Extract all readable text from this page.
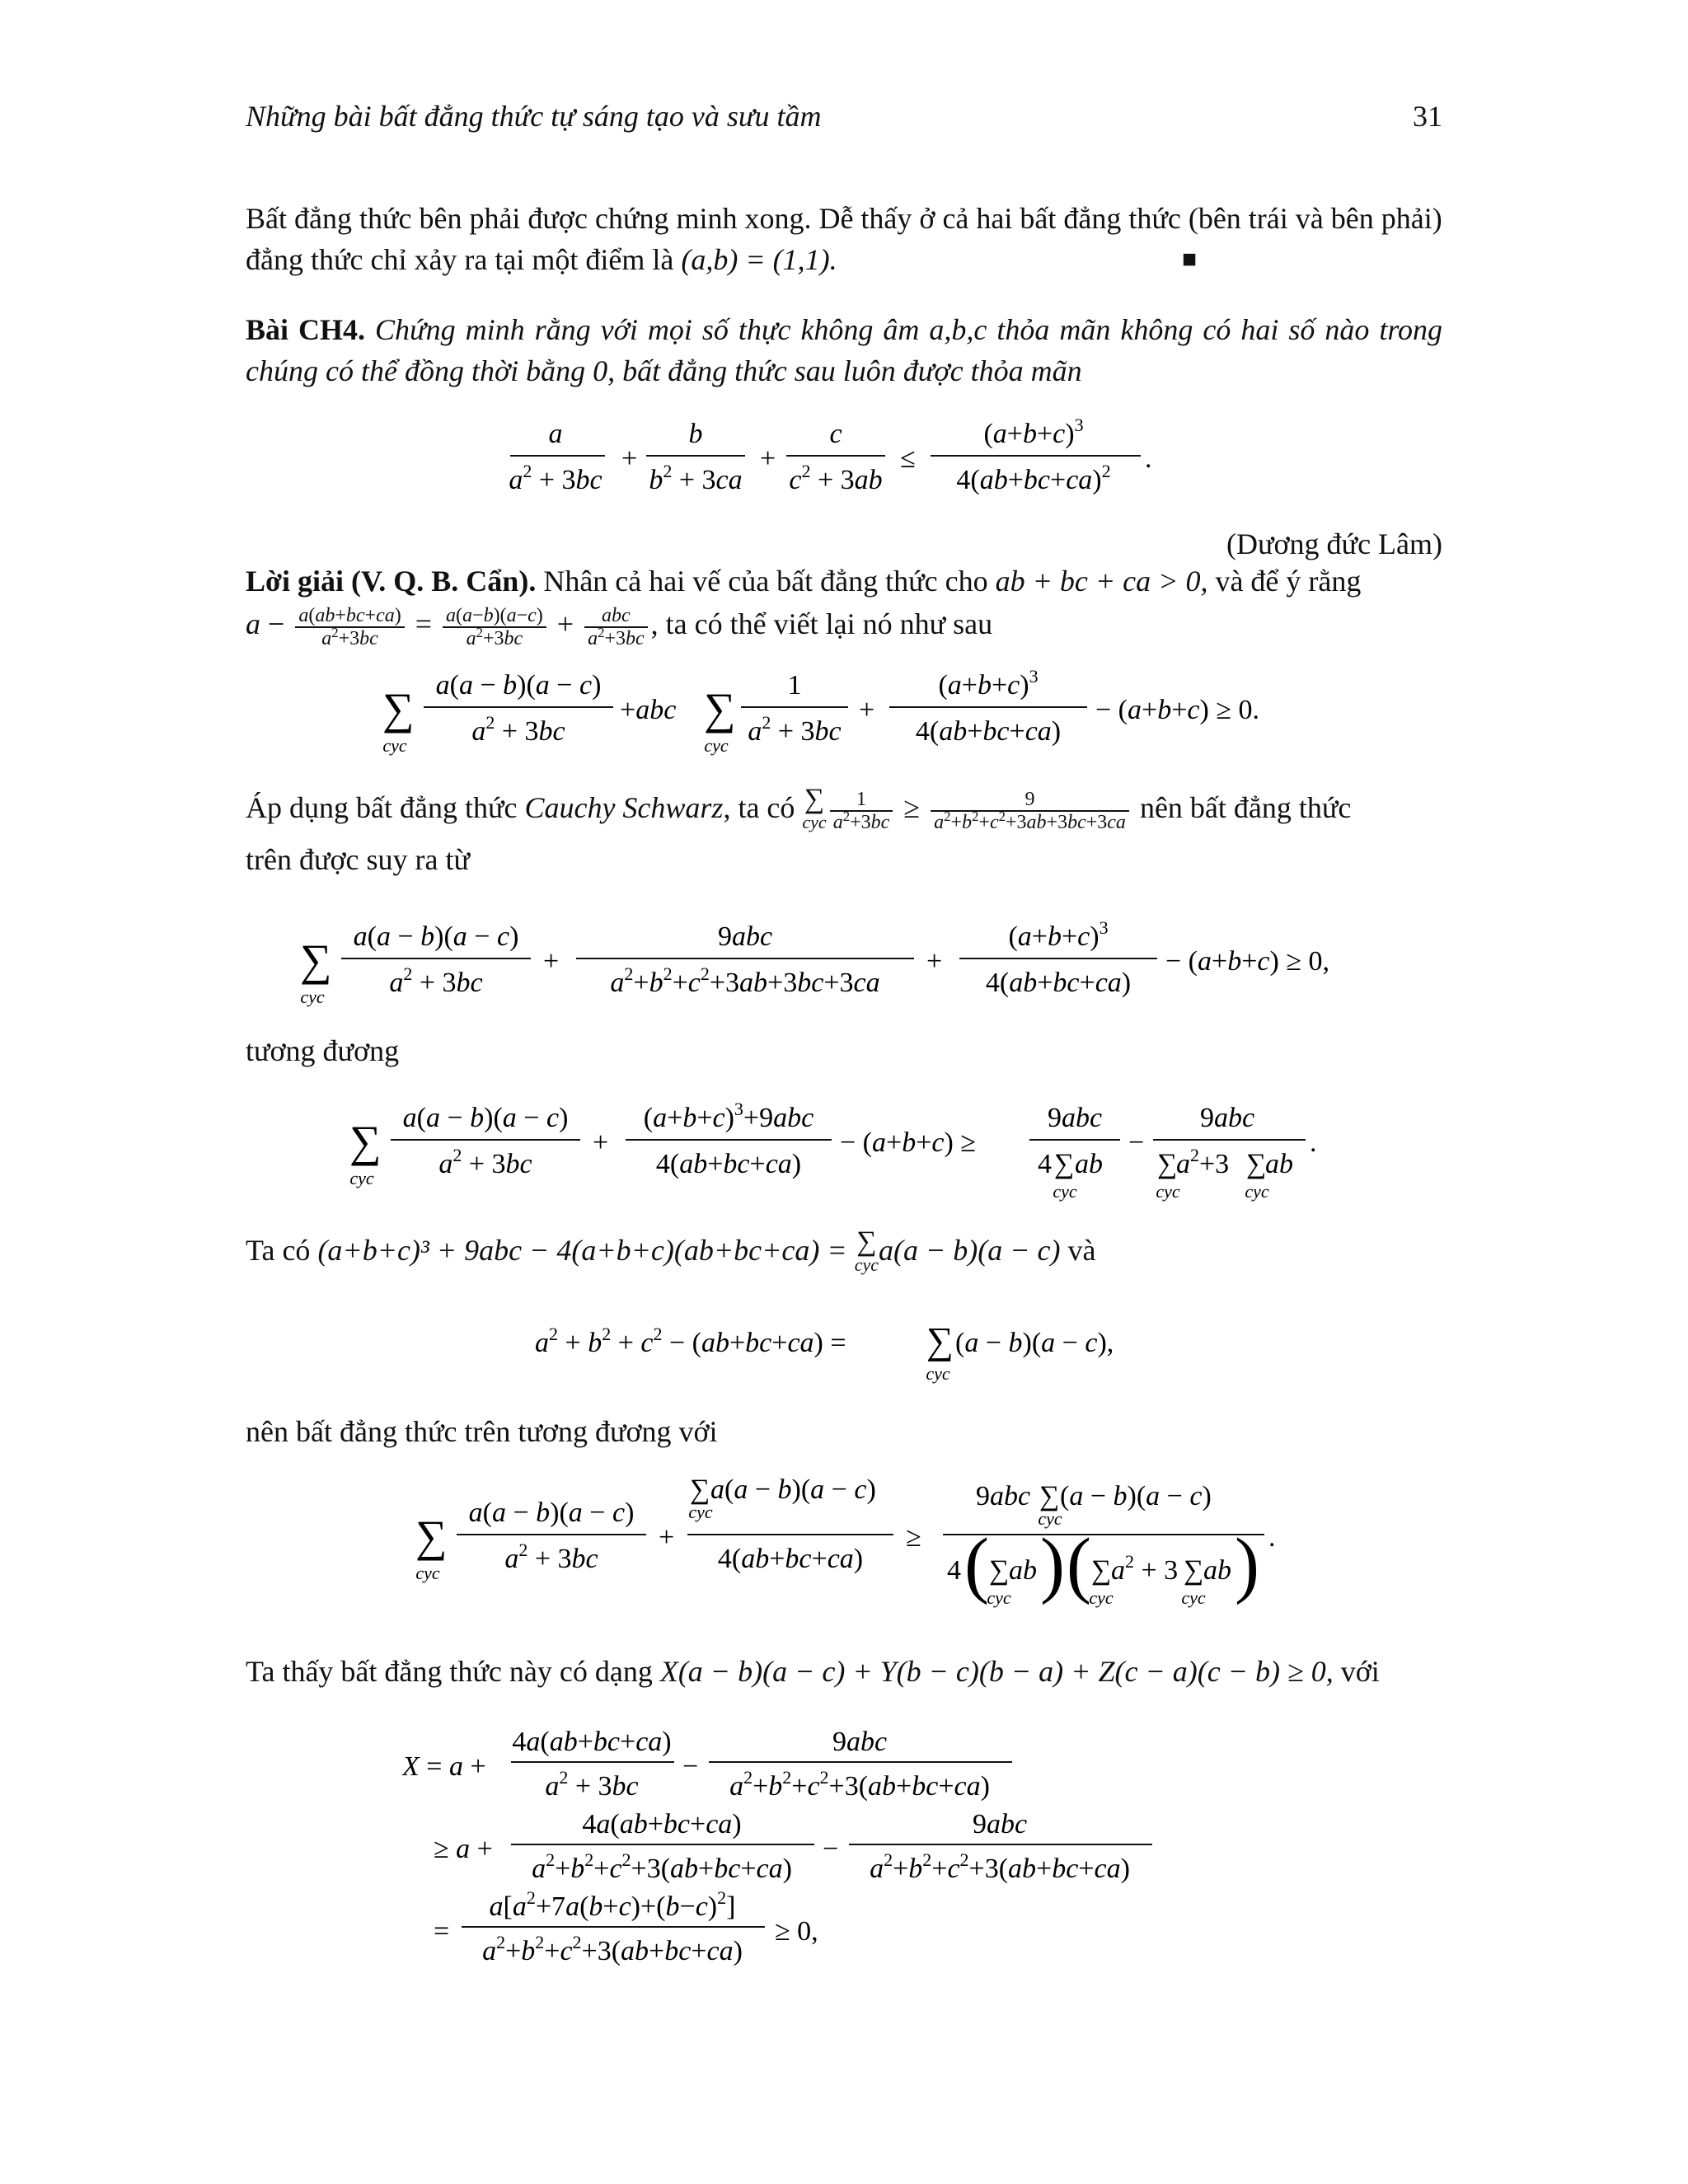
Những bài bất đẳng thức tự sáng tạo và sưu tầm	31
Bất đẳng thức bên phải được chứng minh xong. Dễ thấy ở cả hai bất đẳng thức (bên trái và bên phải)
đẳng thức chỉ xảy ra tại một điểm là (a,b) = (1,1).	■
Bài CH4. Chứng minh rằng với mọi số thực không âm a,b,c thỏa mãn không có hai số nào trong chúng có thể đồng thời bằng 0, bất đẳng thức sau luôn được thỏa mãn
a
$a^2 + 3bc$
+
b
$b^2 + 3ca$
+
c
$c^2 + 3ab$
≤
$(a+b+c)^3$
$4(ab+bc+ca)^2$ .
(Dương đức Lâm)
Lời giải (V. Q. B. Cẩn). Nhân cả hai vế của bất đẳng thức cho ab + bc + ca > 0, và để ý rằng
$a - \frac{a(ab+bc+ca)}{a^2+3bc} = \frac{a(a-b)(a-c)}{a^2+3bc}$ +	abc
$a^2+3bc$ , ta có thể viết lại nó như sau
∑
cyc
a(a − b)(a − c)
$a^2 + 3bc$
+abc ∑
cyc
1
$a^2 + 3bc$
+
$(a+b+c)^3$
4(ab+bc+ca)
− (a+b+c) ≥ 0.
Áp dụng bất đẳng thức Cauchy Schwarz, ta có ∑
cyc $\frac{1}{a^2+3bc} \ge \frac{9}{a^2+b^2+c^2+3ab+3bc+3ca}$ nên bất đẳng thức
trên được suy ra từ
∑
cyc
a(a − b)(a − c)
$a^2 + 3bc$
+
9abc
$a^2+b^2+c^2+3ab+3bc+3ca$
+
$(a+b+c)^3$
4(ab+bc+ca)
− (a+b+c) ≥ 0,
tương đương
∑
cyc
a(a − b)(a − c)
$a^2 + 3bc$
+
$(a+b+c)^3+9abc$
4(ab+bc+ca)
− (a+b+c) ≥
9abc
4 ∑ ab
cyc
−
9abc
∑
$a^2+3$ ∑
ab
cyc	cyc
.
Ta có (a+b+c)³ + 9abc − 4(a+b+c)(ab+bc+ca) = ∑
cyc a(a − b)(a − c) và
$a^2 + b^2 + c^2 - (ab+bc+ca)$ = ∑
cyc
(a − b)(a − c),
nên bất đẳng thức trên tương đương với
∑
cyc
a(a − b)(a − c)
$a^2 + 3bc$
+
∑
cyc
a(a − b)(a − c)
4(ab+bc+ca)
≥
9abc ∑
cyc
(a − b)(a − c)
4 ( ∑ ab
cyc ) ( ∑ $a^2 + 3$ ∑ ab
cyc	cyc ) .
Ta thấy bất đẳng thức này có dạng X(a − b)(a − c) + Y(b − c)(b − a) + Z(c − a)(c − b) ≥ 0, với
X = a +
4a(ab+bc+ca)
$a^2 + 3bc$
−
9abc
$a^2+b^2+c^2+3(ab+bc+ca)$
≥ a +
4a(ab+bc+ca)
$a^2+b^2+c^2+3(ab+bc+ca)$
−
9abc
$a^2+b^2+c^2+3(ab+bc+ca)$
=
$a[a^2+7a(b+c)+(b-c)^2]$
$a^2+b^2+c^2+3(ab+bc+ca)$
≥ 0,
